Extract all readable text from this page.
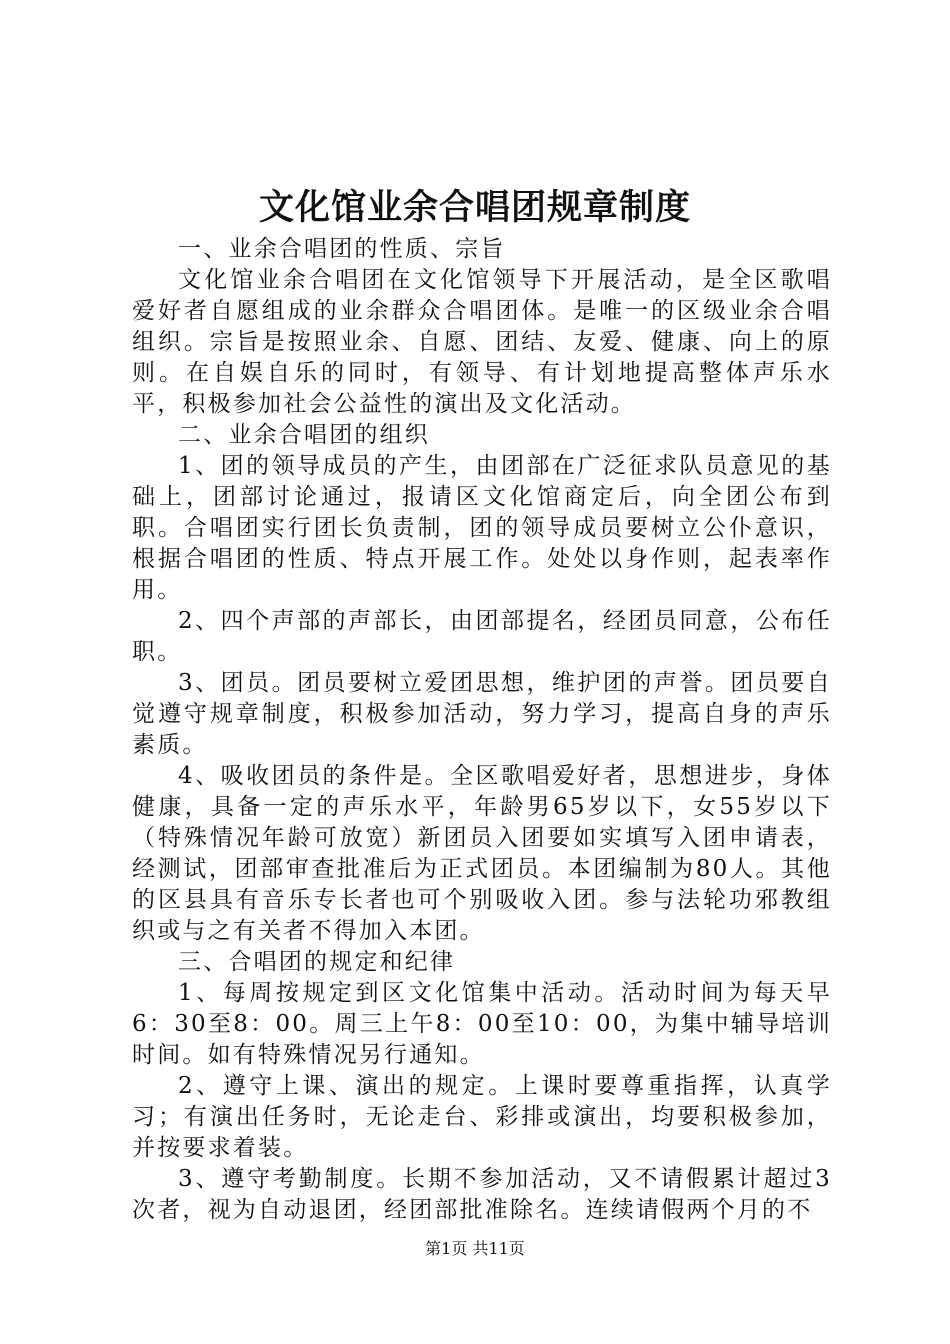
文化馆业余合唱团规章制度

一、业余合唱团的性质、宗旨

文化馆业余合唱团在文化馆领导下开展活动，是全区歌唱爱好者自愿组成的业余群众合唱团体。是唯一的区级业余合唱组织。宗旨是按照业余、自愿、团结、友爱、健康、向上的原则。在自娱自乐的同时，有领导、有计划地提高整体声乐水平，积极参加社会公益性的演出及文化活动。

二、业余合唱团的组织

1、团的领导成员的产生，由团部在广泛征求队员意见的基础上，团部讨论通过，报请区文化馆商定后，向全团公布到职。合唱团实行团长负责制，团的领导成员要树立公仆意识，根据合唱团的性质、特点开展工作。处处以身作则，起表率作用。

2、四个声部的声部长，由团部提名，经团员同意，公布任职。

3、团员。团员要树立爱团思想，维护团的声誉。团员要自觉遵守规章制度，积极参加活动，努力学习，提高自身的声乐素质。

4、吸收团员的条件是。全区歌唱爱好者，思想进步，身体健康，具备一定的声乐水平，年龄男65岁以下，女55岁以下（特殊情况年龄可放宽）新团员入团要如实填写入团申请表，经测试，团部审查批准后为正式团员。本团编制为80人。其他的区县具有音乐专长者也可个别吸收入团。参与法轮功邪教组织或与之有关者不得加入本团。

三、合唱团的规定和纪律

1、每周按规定到区文化馆集中活动。活动时间为每天早6：30至8：00。周三上午8：00至10：00，为集中辅导培训时间。如有特殊情况另行通知。

2、遵守上课、演出的规定。上课时要尊重指挥，认真学习；有演出任务时，无论走台、彩排或演出，均要积极参加，并按要求着装。

3、遵守考勤制度。长期不参加活动，又不请假累计超过3次者，视为自动退团，经团部批准除名。连续请假两个月的不

第1页 共11页
